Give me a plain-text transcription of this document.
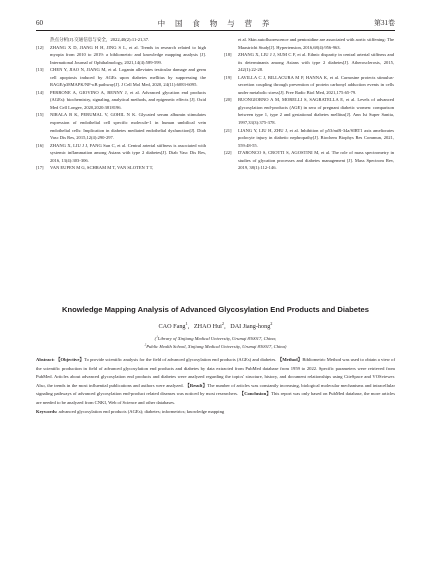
60	中 国 食 物 与 营 养	第31卷

热点分析[J].交通信息与安全，2022,40(2):11-21,37.

[12] ZHANG X D, JIANG H H, JING S L, et al. Trends in research related to high myopia from 2010 to 2019: a bibliometric and knowledge mapping analysis [J]. International Journal of Ophthalmology, 2021,14(4):589-599.

[13] CHEN Y, JIAO N, JIANG M, et al. Loganin alleviates testicular damage and germ cell apoptosis induced by AGEs upon diabetes mellitus by suppressing the RAGE/p38MAPK/NF-κB pathway[J]. J Cell Mol Med, 2020, 24(11):6083-6095.

[14] PERRONE A, GIOVINO A, BENNY J, et al. Advanced glycation end products (AGEs): biochemistry, signaling, analytical methods, and epigenetic effects [J]. Oxid Med Cell Longev, 2020,2020:3818196.

[15] NIRALA B K, PERUMAL V, GOHIL N K. Glycated serum albumin stimulates expression of endothelial cell specific molecule-1 in human umbilical vein endothelial cells: Implication in diabetes mediated endothelial dysfunction[J]. Diab Vasc Dis Res, 2015,12(4):290-297.

[16] ZHANG X, LIU J J, FANG Sun C, et al. Central arterial stiffness is associated with systemic inflammation among Asians with type 2 diabetes[J]. Diab Vasc Dis Res, 2016, 13(4):303-306.

[17] VAN EUPEN M G, SCHRAM M T, VAN SLOTEN T T,

et al. Skin autofluorescence and pentosidine are associated with aortic stiffening: The Maastricht Study[J]. Hypertension, 2016,68(4):956-963.

[18] ZHANG X, LIU J J, SUM C F, et al. Ethnic disparity in central arterial stiffness and its determinants among Asians with type 2 diabetes[J]. Atherosclerosis, 2015, 242(1):22-28.

[19] LAVILLA C J, BILLACURA M P, HANNA K, et al. Carnosine protects stimulus-secretion coupling through prevention of protein carbonyl adduction events in cells under metabolic stress[J]. Free Radic Biol Med, 2021,175:65-79.

[20] BUONGIORNO A M, MORELLI S, SAGRATELLA E, et al. Levels of advanced glycosylation end-products (AGE) in sera of pregnant diabetic women: comparison between type 1, type 2 and gestational diabetes mellitus[J]. Ann Ist Super Sanita, 1997,33(3):375-378.

[21] LIANG Y, LIU H, ZHU J, et al. Inhibition of p53/miR-34a/SIRT1 axis ameliorates podocyte injury in diabetic nephropathy[J]. Biochem Biophys Res Commun, 2021, 559:48-55.

[22] D'ARONCO S, CROTTI S, AGOSTINI M, et al. The role of mass spectrometry in studies of glycation processes and diabetes management [J]. Mass Spectrom Rev, 2019, 38(1):112-146.

Knowledge Mapping Analysis of Advanced Glycosylation End Products and Diabetes
CAO Fang$^1$,   ZHAO Hui$^2$,   DAI Jiang-hong$^2$
($^1$Library of Xinjiang Medical University, Urumqi 830017, China;
$^2$Public Health School, Xinjiang Medical University, Urumqi 830017, China)
Abstract: 【Objective】To provide scientific analysis for the field of advanced glycosylation end products (AGEs) and diabetes. 【Method】Bibliometric Method was used to obtain a view of the scientific production in field of advanced glycosylation end products and diabetes by data extracted from PubMed database from 1959 to 2022. Specific parameters were retrieved from PubMed. Articles about advanced glycosylation end products and diabetes were analyzed regarding the topics' structure, history, and document relationships using CiteSpace and VOSviewer. Also, the trends in the most influential publications and authors were analyzed. 【Result】The number of articles was constantly increasing, biological molecular mechanisms and intracellular signaling pathways of advanced glycosylation end-product related diseases was noticed by most researchers. 【Conclusion】This report was only based on PubMed database, the more articles are needed to be analyzed from CNKI, Web of Science and other databases.
Keywords: advanced glycosylation end products (AGEs); diabetes; informetrics; knowledge mapping
